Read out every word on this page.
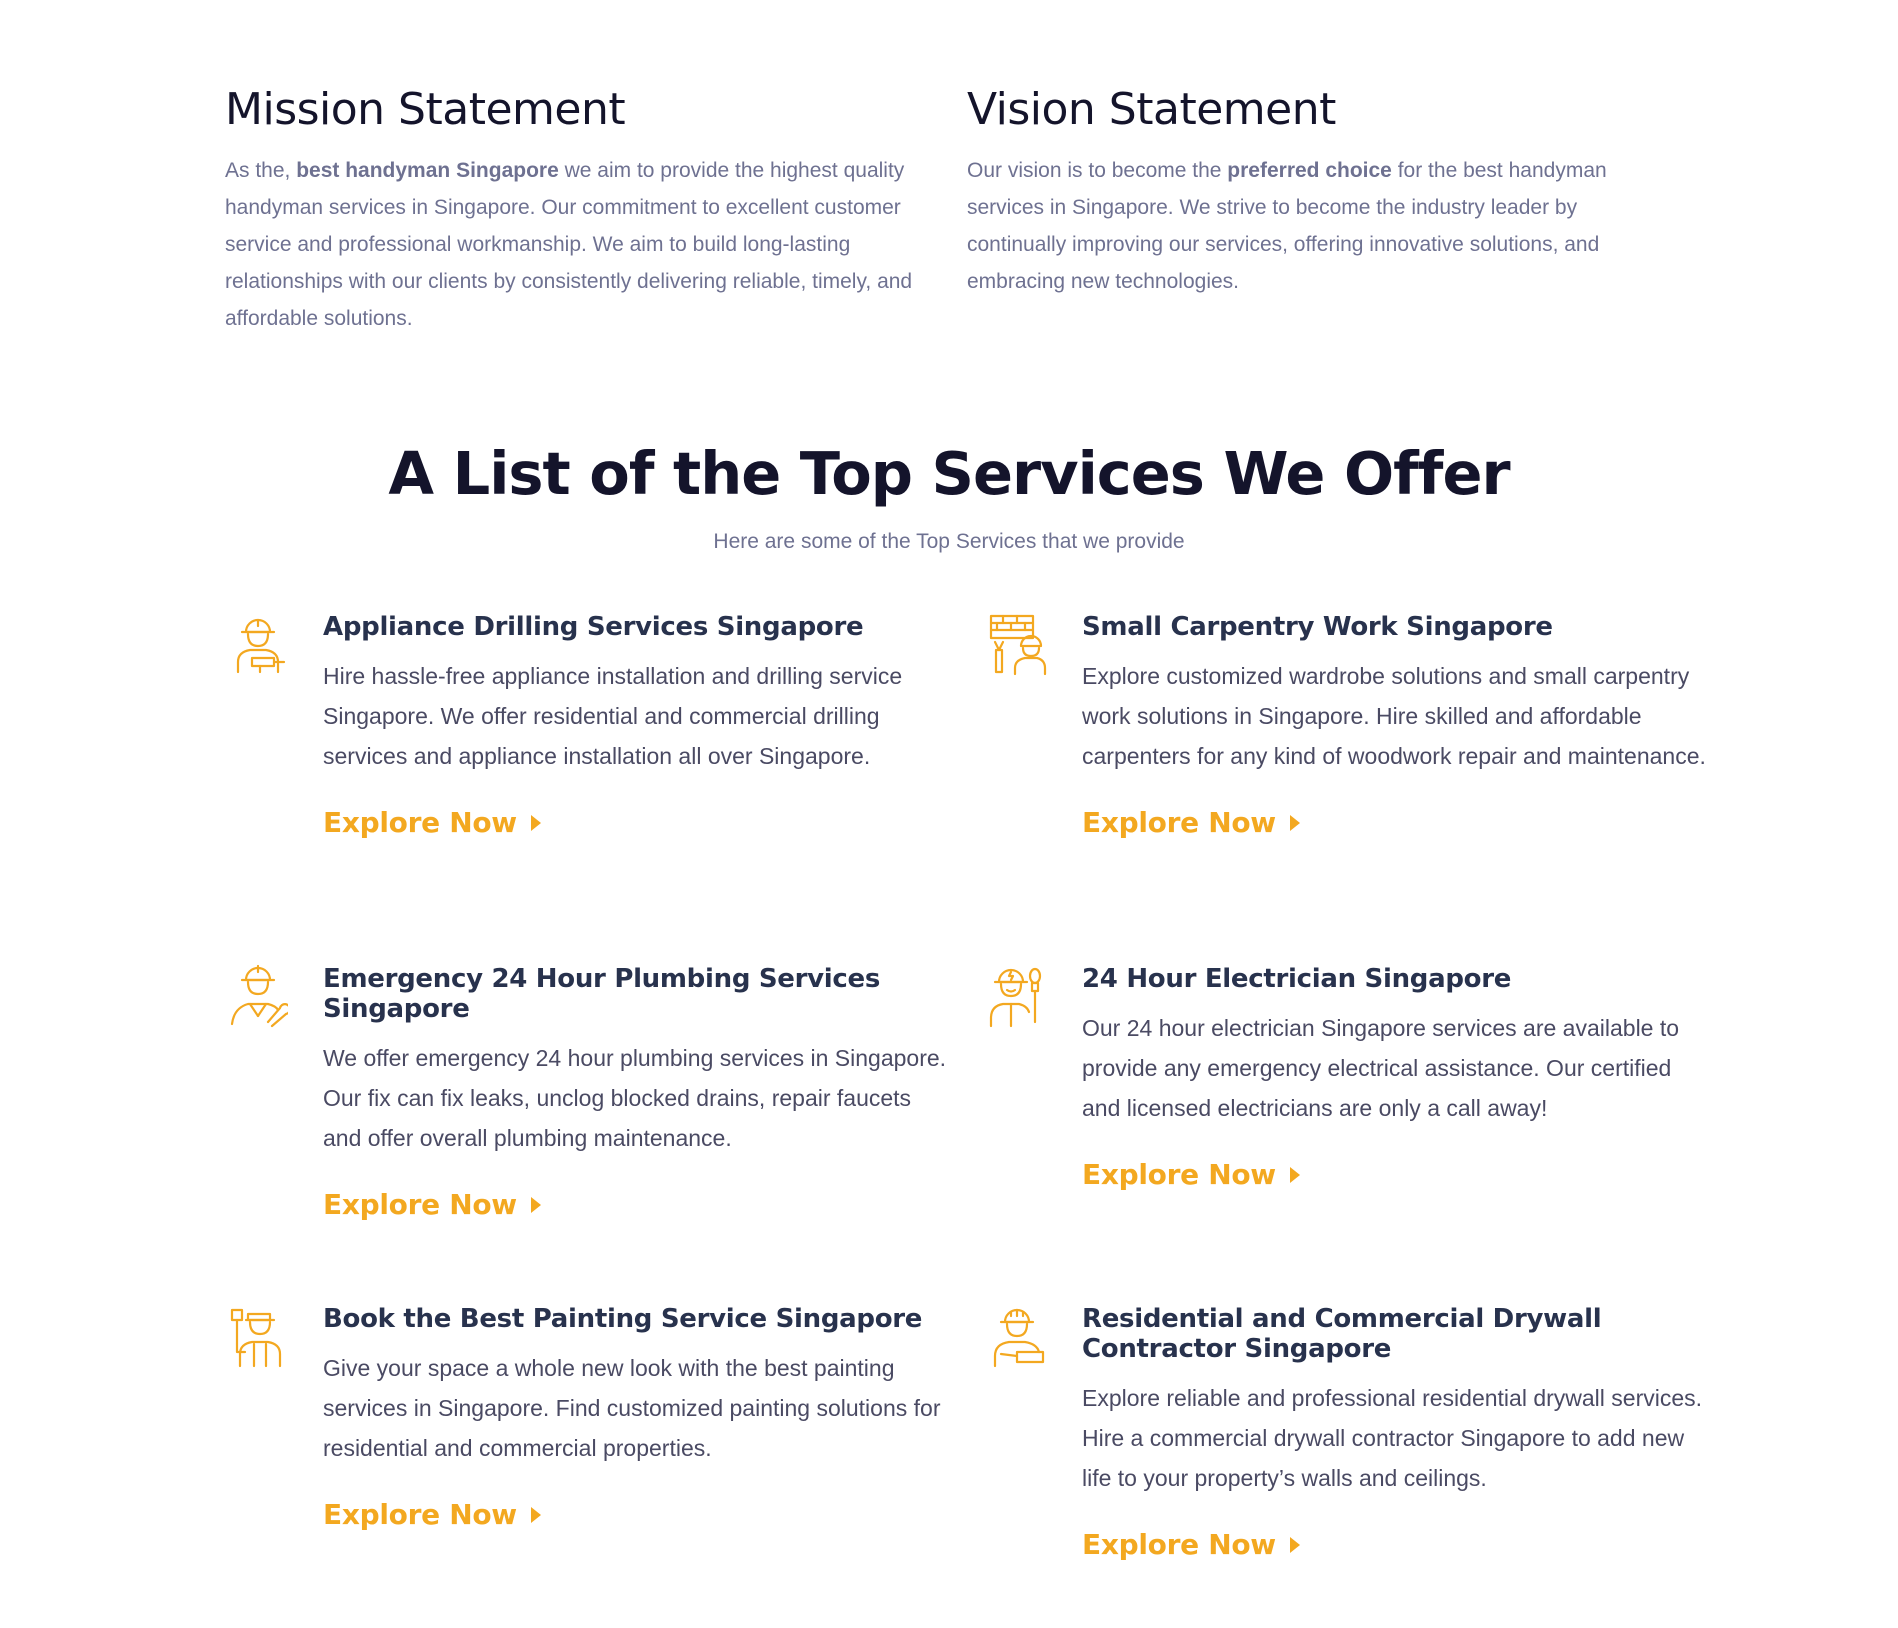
Mission Statement

As the, best handyman Singapore we aim to provide the highest quality handyman services in Singapore. Our commitment to excellent customer service and professional workmanship. We aim to build long-lasting relationships with our clients by consistently delivering reliable, timely, and affordable solutions.

Vision Statement

Our vision is to become the preferred choice for the best handyman services in Singapore. We strive to become the industry leader by continually improving our services, offering innovative solutions, and embracing new technologies.

A List of the Top Services We Offer
Here are some of the Top Services that we provide
Appliance Drilling Services Singapore

Hire hassle-free appliance installation and drilling service Singapore. We offer residential and commercial drilling services and appliance installation all over Singapore.

Explore Now
Small Carpentry Work Singapore

Explore customized wardrobe solutions and small carpentry work solutions in Singapore. Hire skilled and affordable carpenters for any kind of woodwork repair and maintenance.

Explore Now
Emergency 24 Hour Plumbing Services Singapore

We offer emergency 24 hour plumbing services in Singapore. Our fix can fix leaks, unclog blocked drains, repair faucets and offer overall plumbing maintenance.

Explore Now
24 Hour Electrician Singapore

Our 24 hour electrician Singapore services are available to provide any emergency electrical assistance. Our certified and licensed electricians are only a call away!

Explore Now
Book the Best Painting Service Singapore

Give your space a whole new look with the best painting services in Singapore. Find customized painting solutions for residential and commercial properties.

Explore Now
Residential and Commercial Drywall Contractor Singapore

Explore reliable and professional residential drywall services. Hire a commercial drywall contractor Singapore to add new life to your property’s walls and ceilings.

Explore Now
